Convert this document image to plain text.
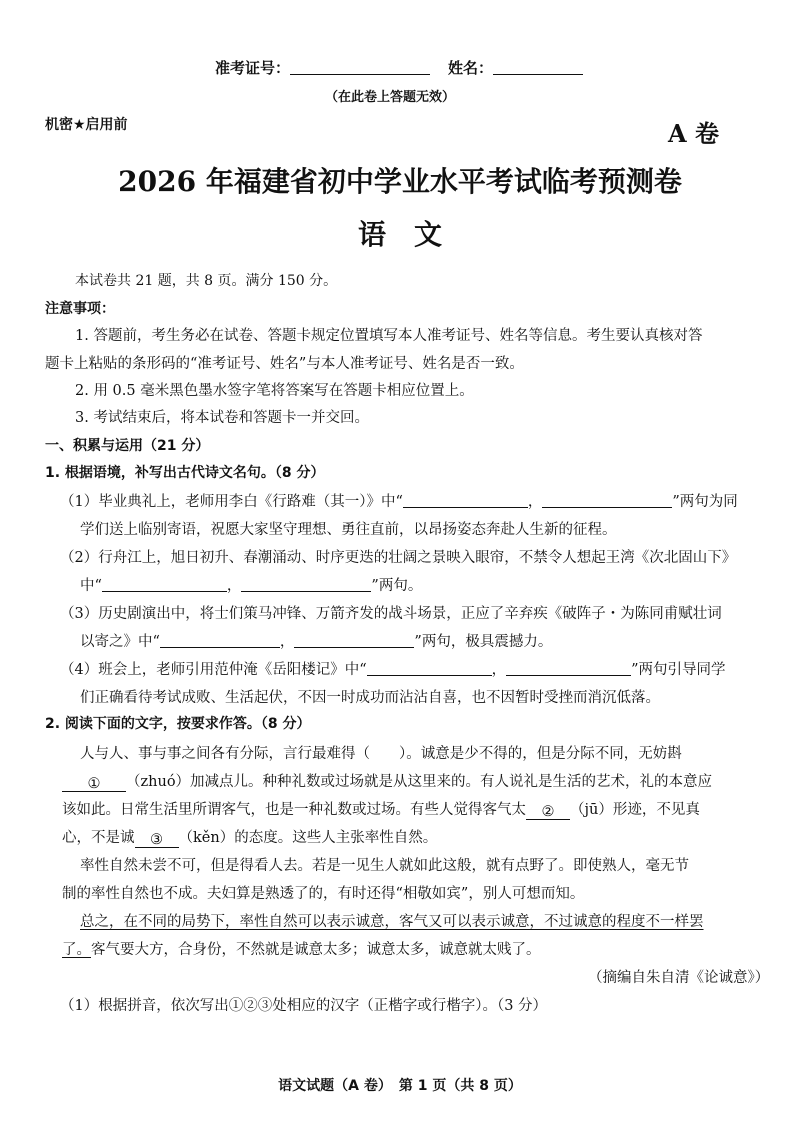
准考证号：	姓名：
（在此卷上答题无效）
机密★启用前	A 卷
2026 年福建省初中学业水平考试临考预测卷
语　文
本试卷共 21 题，共 8 页。满分 150 分。
注意事项：
1. 答题前，考生务必在试卷、答题卡规定位置填写本人准考证号、姓名等信息。考生要认真核对答
题卡上粘贴的条形码的“准考证号、姓名”与本人准考证号、姓名是否一致。
2. 用 0.5 毫米黑色墨水签字笔将答案写在答题卡相应位置上。
3. 考试结束后，将本试卷和答题卡一并交回。
一、积累与运用（21 分）
1. 根据语境，补写出古代诗文名句。（8 分）
（1）毕业典礼上，老师用李白《行路难（其一）》中“	，	”两句为同
学们送上临别寄语，祝愿大家坚守理想、勇往直前，以昂扬姿态奔赴人生新的征程。
（2）行舟江上，旭日初升、春潮涌动、时序更迭的壮阔之景映入眼帘，不禁令人想起王湾《次北固山下》
中“	，	”两句。
（3）历史剧演出中，将士们策马冲锋、万箭齐发的战斗场景，正应了辛弃疾《破阵子・为陈同甫赋壮词
以寄之》中“	，	”两句，极具震撼力。
（4）班会上，老师引用范仲淹《岳阳楼记》中“	，	”两句引导同学
们正确看待考试成败、生活起伏，不因一时成功而沾沾自喜，也不因暂时受挫而消沉低落。
2. 阅读下面的文字，按要求作答。（8 分）
人与人、事与事之间各有分际，言行最难得（　　）。诚意是少不得的，但是分际不同，无妨斟
① （zhuó）加减点儿。种种礼数或过场就是从这里来的。有人说礼是生活的艺术，礼的本意应
该如此。日常生活里所谓客气，也是一种礼数或过场。有些人觉得客气太 ② （jū）形迹，不见真
心，不是诚 ③ （kěn）的态度。这些人主张率性自然。
率性自然未尝不可，但是得看人去。若是一见生人就如此这般，就有点野了。即使熟人，毫无节
制的率性自然也不成。夫妇算是熟透了的，有时还得“相敬如宾”，别人可想而知。
总之，在不同的局势下，率性自然可以表示诚意，客气又可以表示诚意，不过诚意的程度不一样罢
了。客气要大方，合身份，不然就是诚意太多；诚意太多，诚意就太贱了。
（摘编自朱自清《论诚意》）
（1）根据拼音，依次写出①②③处相应的汉字（正楷字或行楷字）。（3 分）
语文试题（A 卷）　第 1 页（共 8 页）
